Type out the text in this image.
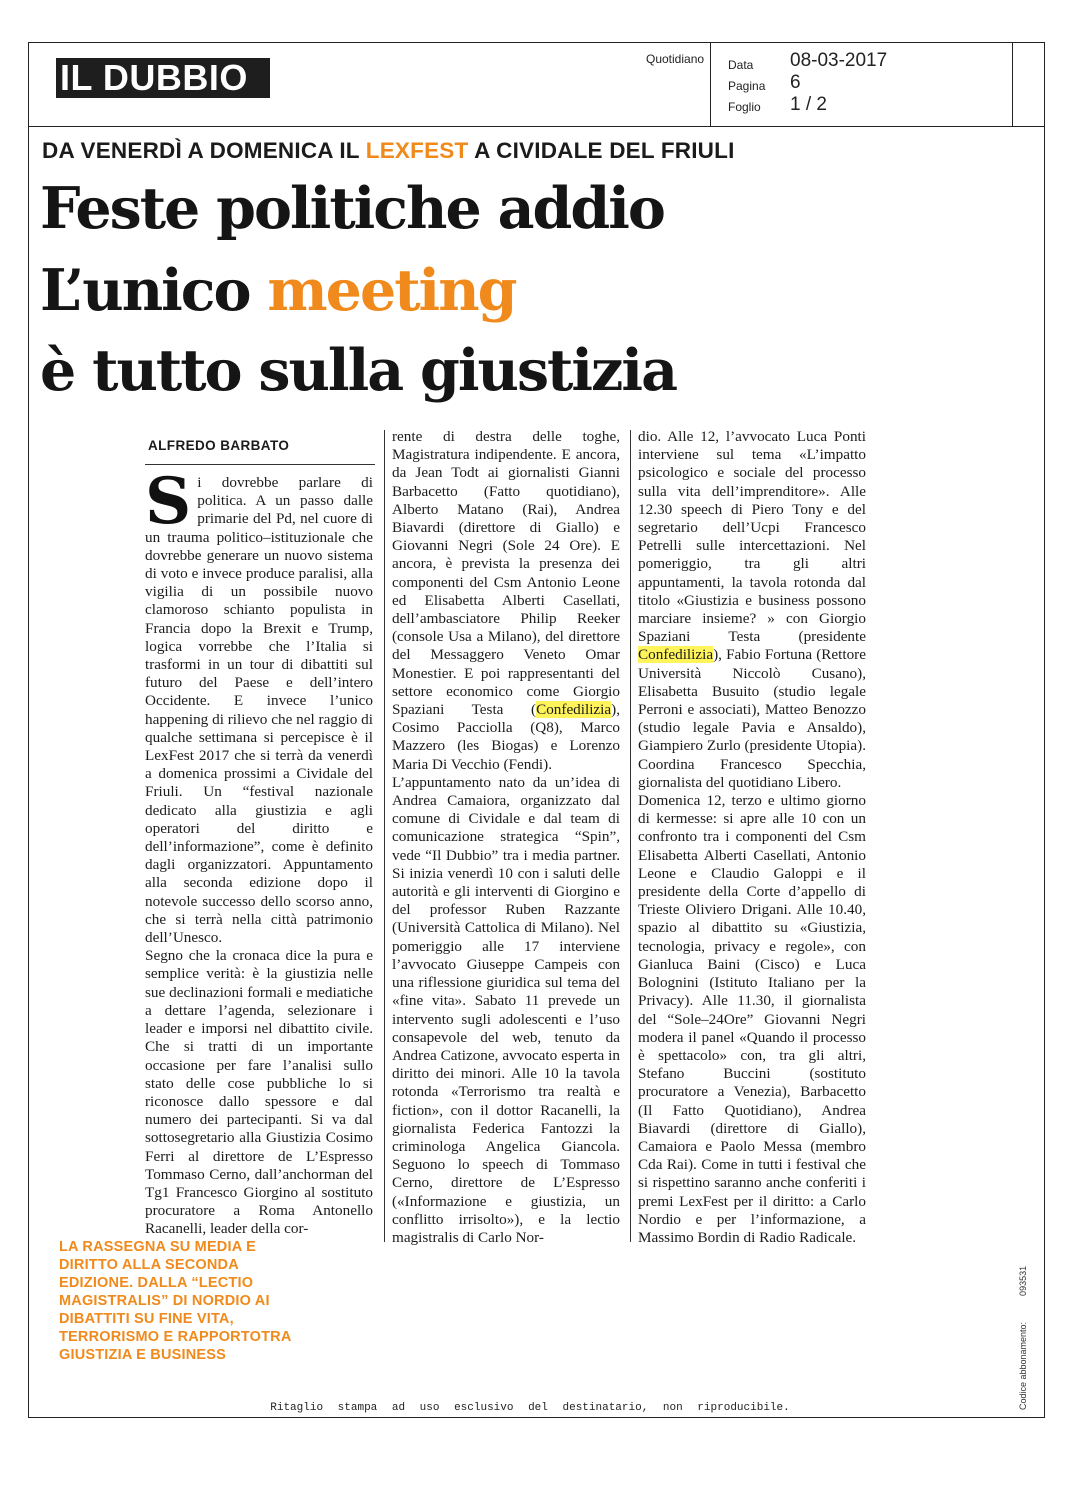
IL DUBBIO	Quotidiano Data 08-03-2017
Pagina 6
Foglio 1 / 2
DA VENERDÌ A DOMENICA IL LEXFEST A CIVIDALE DEL FRIULI
Feste politiche addio
L’unico meeting
è tutto sulla giustizia
ALFREDO BARBATO

Si dovrebbe parlare di politica. A un passo dalle primarie del Pd, nel cuore di un trauma politico–istituzionale che dovrebbe generare un nuovo sistema di voto e invece produce paralisi, alla vigilia di un possibile nuovo clamoroso schianto populista in Francia dopo la Brexit e Trump, logica vorrebbe che l’Italia si trasformi in un tour di dibattiti sul futuro del Paese e dell’intero Occidente. E invece l’unico happening di rilievo che nel raggio di qualche settimana si percepisce è il LexFest 2017 che si terrà da venerdì a domenica prossimi a Cividale del Friuli. Un “festival nazionale dedicato alla giustizia e agli operatori del diritto e dell’informazione”, come è definito dagli organizzatori. Appuntamento alla seconda edizione dopo il notevole successo dello scorso anno, che si terrà nella città patrimonio dell’Unesco.

Segno che la cronaca dice la pura e semplice verità: è la giustizia nelle sue declinazioni formali e mediatiche a dettare l’agenda, selezionare i leader e imporsi nel dibattito civile. Che si tratti di un importante occasione per fare l’analisi sullo stato delle cose pubbliche lo si riconosce dallo spessore e dal numero dei partecipanti. Si va dal sottosegretario alla Giustizia Cosimo Ferri al direttore de L’Espresso Tommaso Cerno, dall’anchorman del Tg1 Francesco Giorgino al sostituto procuratore a Roma Antonello Racanelli, leader della cor-

rente di destra delle toghe, Magistratura indipendente. E ancora, da Jean Todt ai giornalisti Gianni Barbacetto (Fatto quotidiano), Alberto Matano (Rai), Andrea Biavardi (direttore di Giallo) e Giovanni Negri (Sole 24 Ore). E ancora, è prevista la presenza dei componenti del Csm Antonio Leone ed Elisabetta Alberti Casellati, dell’ambasciatore Philip Reeker (console Usa a Milano), del direttore del Messaggero Veneto Omar Monestier. E poi rappresentanti del settore economico come Giorgio Spaziani Testa (Confedilizia), Cosimo Pacciolla (Q8), Marco Mazzero (les Biogas) e Lorenzo Maria Di Vecchio (Fendi).

L’appuntamento nato da un’idea di Andrea Camaiora, organizzato dal comune di Cividale e dal team di comunicazione strategica “Spin”, vede “Il Dubbio” tra i media partner. Si inizia venerdì 10 con i saluti delle autorità e gli interventi di Giorgino e del professor Ruben Razzante (Università Cattolica di Milano). Nel pomeriggio alle 17 interviene l’avvocato Giuseppe Campeis con una riflessione giuridica sul tema del «fine vita». Sabato 11 prevede un intervento sugli adolescenti e l’uso consapevole del web, tenuto da Andrea Catizone, avvocato esperta in diritto dei minori. Alle 10 la tavola rotonda «Terrorismo tra realtà e fiction», con il dottor Racanelli, la giornalista Federica Fantozzi la criminologa Angelica Giancola. Seguono lo speech di Tommaso Cerno, direttore de L’Espresso («Informazione e giustizia, un conflitto irrisolto»), e la lectio magistralis di Carlo Nor-

dio. Alle 12, l’avvocato Luca Ponti interviene sul tema «L’impatto psicologico e sociale del processo sulla vita dell’imprenditore». Alle 12.30 speech di Piero Tony e del segretario dell’Ucpi Francesco Petrelli sulle intercettazioni. Nel pomeriggio, tra gli altri appuntamenti, la tavola rotonda dal titolo «Giustizia e business possono marciare insieme? » con Giorgio Spaziani Testa (presidente Confedilizia), Fabio Fortuna (Rettore Università Niccolò Cusano), Elisabetta Busuito (studio legale Perroni e associati), Matteo Benozzo (studio legale Pavia e Ansaldo), Giampiero Zurlo (presidente Utopia). Coordina Francesco Specchia, giornalista del quotidiano Libero.

Domenica 12, terzo e ultimo giorno di kermesse: si apre alle 10 con un confronto tra i componenti del Csm Elisabetta Alberti Casellati, Antonio Leone e Claudio Galoppi e il presidente della Corte d’appello di Trieste Oliviero Drigani. Alle 10.40, spazio al dibattito su «Giustizia, tecnologia, privacy e regole», con Gianluca Baini (Cisco) e Luca Bolognini (Istituto Italiano per la Privacy). Alle 11.30, il giornalista del “Sole–24Ore” Giovanni Negri modera il panel «Quando il processo è spettacolo» con, tra gli altri, Stefano Buccini (sostituto procuratore a Venezia), Barbacetto (Il Fatto Quotidiano), Andrea Biavardi (direttore di Giallo), Camaiora e Paolo Messa (membro Cda Rai). Come in tutti i festival che si rispettino saranno anche conferiti i premi LexFest per il diritto: a Carlo Nordio e per l’informazione, a Massimo Bordin di Radio Radicale.

LA RASSEGNA SU MEDIA E DIRITTO ALLA SECONDA EDIZIONE. DALLA “LECTIO MAGISTRALIS” DI NORDIO AI DIBATTITI SU FINE VITA, TERRORISMO E RAPPORTOTRA GIUSTIZIA E BUSINESS
Ritaglio stampa ad uso esclusivo del destinatario, non riproducibile.	Codice abbonamento:093531
